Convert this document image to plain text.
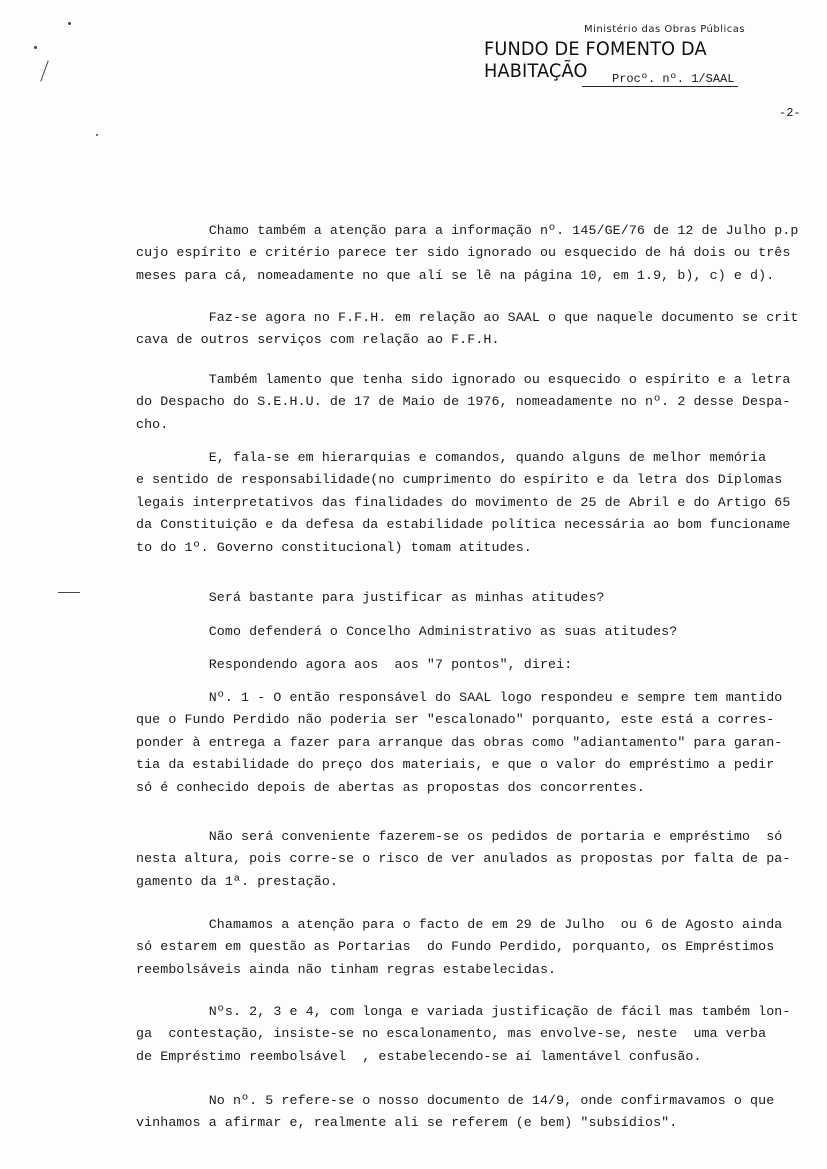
Ministério das Obras Públicas
FUNDO DE FOMENTO DA HABITAÇÃO	Procº. nº. 1/SAAL
-2-
Chamo também a atenção para a informação nº. 145/GE/76 de 12 de Julho p.p
cujo espírito e critério parece ter sido ignorado ou esquecido de há dois ou três
meses para cá, nomeadamente no que alí se lê na página 10, em 1.9, b), c) e d).
Faz-se agora no F.F.H. em relação ao SAAL o que naquele documento se crit
cava de outros serviços com relação ao F.F.H.
Também lamento que tenha sido ignorado ou esquecido o espírito e a letra
do Despacho do S.E.H.U. de 17 de Maio de 1976, nomeadamente no nº. 2 desse Despa-
cho.
E, fala-se em hierarquias e comandos, quando alguns de melhor memória
e sentido de responsabilidade(no cumprimento do espírito e da letra dos Diplomas
legais interpretativos das finalidades do movimento de 25 de Abril e do Artigo 65
da Constituição e da defesa da estabilidade política necessária ao bom funcioname
to do 1º. Governo constitucional) tomam atitudes.
Será bastante para justificar as minhas atitudes?
Como defenderá o Concelho Administrativo as suas atitudes?
Respondendo agora aos  aos "7 pontos", direi:
Nº. 1 - O então responsável do SAAL logo respondeu e sempre tem mantido
que o Fundo Perdido não poderia ser "escalonado" porquanto, este está a corres-
ponder à entrega a fazer para arranque das obras como "adiantamento" para garan-
tia da estabilidade do preço dos materiais, e que o valor do empréstimo a pedir
só é conhecido depois de abertas as propostas dos concorrentes.
Não será conveniente fazerem-se os pedidos de portaria e empréstimo  só
nesta altura, pois corre-se o risco de ver anulados as propostas por falta de pa-
gamento da 1ª. prestação.
Chamamos a atenção para o facto de em 29 de Julho  ou 6 de Agosto ainda
só estarem em questão as Portarias  do Fundo Perdido, porquanto, os Empréstimos
reembolsáveis ainda não tinham regras estabelecidas.
Nºs. 2, 3 e 4, com longa e variada justificação de fácil mas também lon-
ga  contestação, insiste-se no escalonamento, mas envolve-se, neste  uma verba
de Empréstimo reembolsável  , estabelecendo-se aí lamentável confusão.
No nº. 5 refere-se o nosso documento de 14/9, onde confirmavamos o que
vinhamos a afirmar e, realmente ali se referem (e bem) "subsídios".
